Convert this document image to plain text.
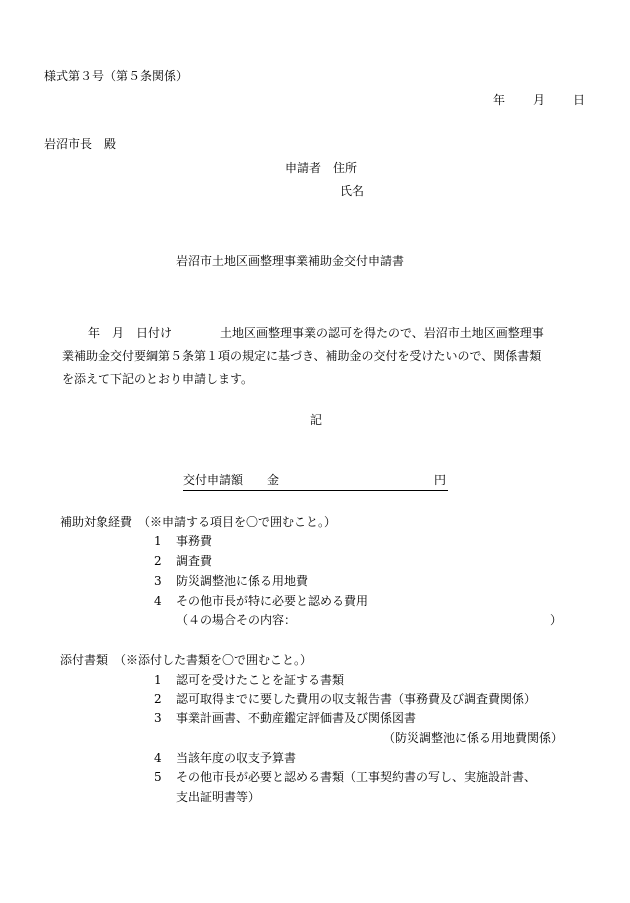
様式第３号（第５条関係）
年 月 日
岩沼市長　殿
申請者 住所
氏名
岩沼市土地区画整理事業補助金交付申請書
年　月　日付け　　　　土地区画整理事業の認可を得たので、岩沼市土地区画整理事
業補助金交付要綱第５条第１項の規定に基づき、補助金の交付を受けたいので、関係書類
を添えて下記のとおり申請します。
記
交付申請額　　金	円
補助対象経費　（※申請する項目を〇で囲むこと。）
1 事務費
2 調査費
3 防災調整池に係る用地費
4 その他市長が特に必要と認める費用
（４の場合その内容：	）
添付書類　（※添付した書類を〇で囲むこと。）
1 認可を受けたことを証する書類
2 認可取得までに要した費用の収支報告書（事務費及び調査費関係）
3 事業計画書、不動産鑑定評価書及び関係図書
（防災調整池に係る用地費関係）
4 当該年度の収支予算書
5 その他市長が必要と認める書類（工事契約書の写し、実施設計書、
支出証明書等）
